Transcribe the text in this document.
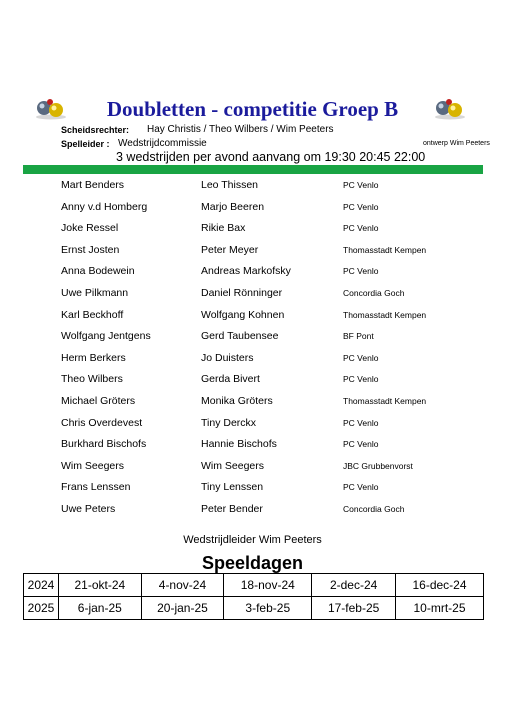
Doubletten - competitie Groep B
Scheidsrechter: Hay Christis / Theo Wilbers / Wim Peeters
Spelleider : Wedstrijdcommissie	ontwerp Wim Peeters
3 wedstrijden per avond aanvang om 19:30 20:45 22:00
Mart Benders	Leo Thissen	PC Venlo
Anny v.d Homberg	Marjo Beeren	PC Venlo
Joke Ressel	Rikie Bax	PC Venlo
Ernst Josten	Peter Meyer	Thomasstadt Kempen
Anna Bodewein	Andreas Markofsky	PC Venlo
Uwe Pilkmann	Daniel Rönninger	Concordia Goch
Karl Beckhoff	Wolfgang Kohnen	Thomasstadt Kempen
Wolfgang Jentgens	Gerd Taubensee	BF Pont
Herm Berkers	Jo Duisters	PC Venlo
Theo Wilbers	Gerda Bivert	PC Venlo
Michael Gröters	Monika Gröters	Thomasstadt Kempen
Chris Overdevest	Tiny Derckx	PC Venlo
Burkhard Bischofs	Hannie Bischofs	PC Venlo
Wim Seegers	Wim Seegers	JBC Grubbenvorst
Frans Lenssen	Tiny Lenssen	PC Venlo
Uwe Peters	Peter Bender	Concordia Goch
Wedstrijdleider Wim Peeters
Speeldagen
2024	21-okt-24	4-nov-24	18-nov-24	2-dec-24	16-dec-24
2025	6-jan-25	20-jan-25	3-feb-25	17-feb-25	10-mrt-25
